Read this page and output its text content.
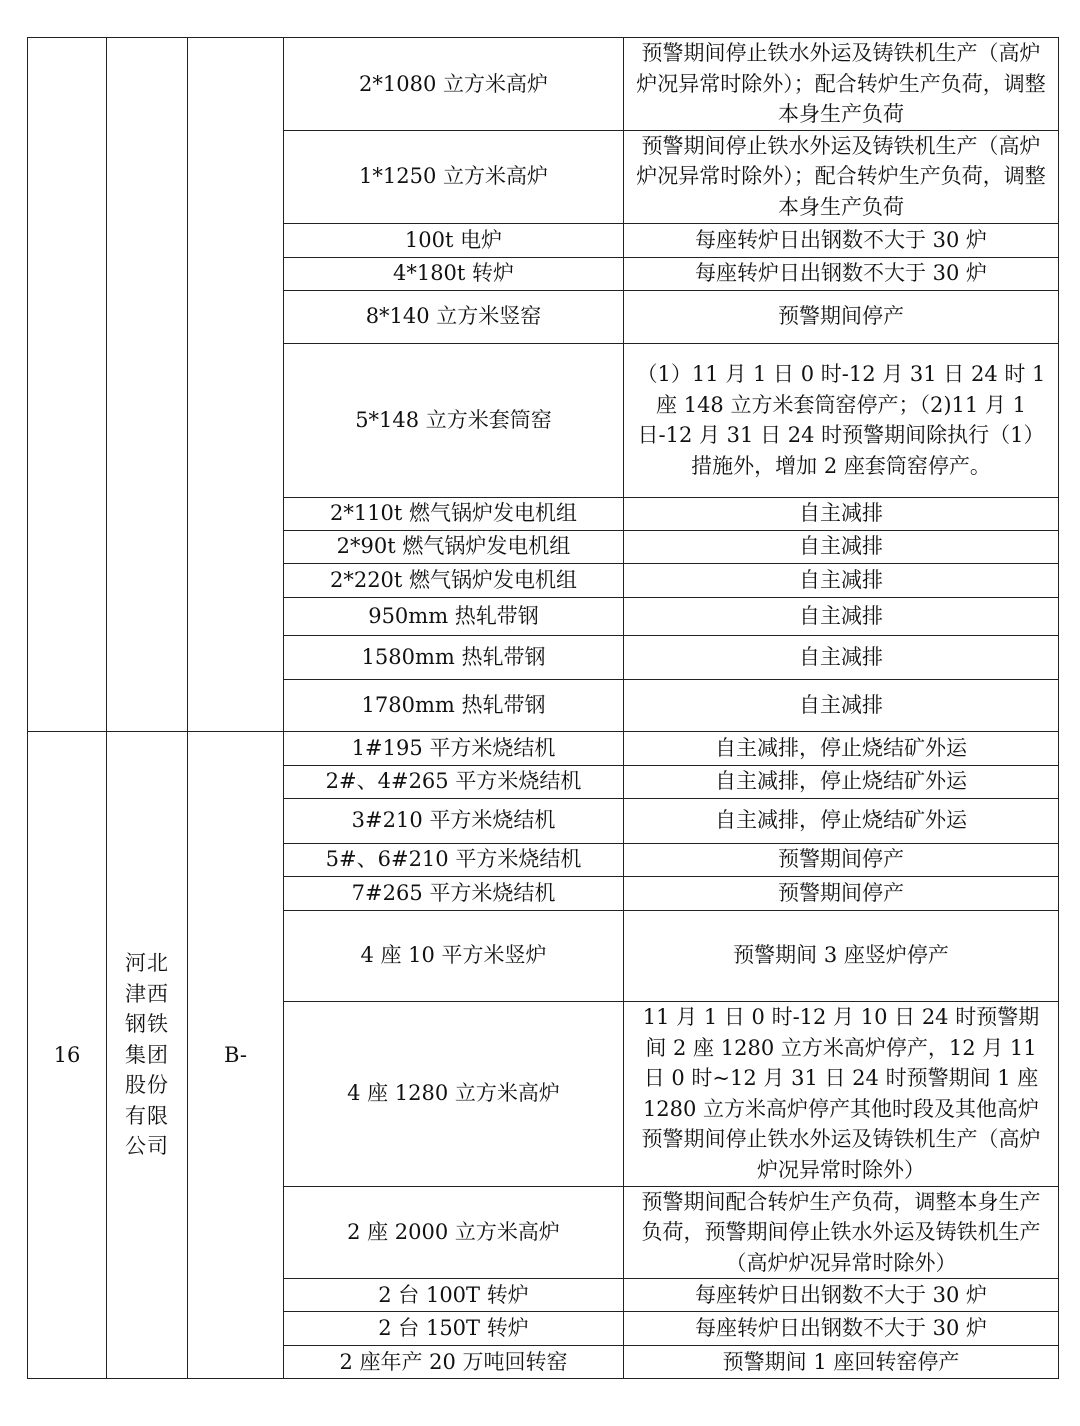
			2*1080 立方米高炉	预警期间停止铁水外运及铸铁机生产（高炉炉况异常时除外）；配合转炉生产负荷，调整本身生产负荷
			1*1250 立方米高炉	预警期间停止铁水外运及铸铁机生产（高炉炉况异常时除外）；配合转炉生产负荷，调整本身生产负荷
			100t 电炉	每座转炉日出钢数不大于 30 炉
			4*180t 转炉	每座转炉日出钢数不大于 30 炉
			8*140 立方米竖窑	预警期间停产
			5*148 立方米套筒窑	（1）11 月 1 日 0 时-12 月 31 日 24 时 1 座 148 立方米套筒窑停产；（2)11 月 1 日-12 月 31 日 24 时预警期间除执行（1）措施外，增加 2 座套筒窑停产。
			2*110t 燃气锅炉发电机组	自主减排
			2*90t 燃气锅炉发电机组	自主减排
			2*220t 燃气锅炉发电机组	自主减排
			950mm 热轧带钢	自主减排
			1580mm 热轧带钢	自主减排
			1780mm 热轧带钢	自主减排
16	河北津西钢铁集团股份有限公司	B-	1#195 平方米烧结机	自主减排，停止烧结矿外运
			2#、4#265 平方米烧结机	自主减排，停止烧结矿外运
			3#210 平方米烧结机	自主减排，停止烧结矿外运
			5#、6#210 平方米烧结机	预警期间停产
			7#265 平方米烧结机	预警期间停产
			4 座 10 平方米竖炉	预警期间 3 座竖炉停产
			4 座 1280 立方米高炉	11 月 1 日 0 时-12 月 10 日 24 时预警期间 2 座 1280 立方米高炉停产，12 月 11 日 0 时~12 月 31 日 24 时预警期间 1 座 1280 立方米高炉停产其他时段及其他高炉预警期间停止铁水外运及铸铁机生产（高炉炉况异常时除外）
			2 座 2000 立方米高炉	预警期间配合转炉生产负荷，调整本身生产负荷，预警期间停止铁水外运及铸铁机生产（高炉炉况异常时除外）
			2 台 100T 转炉	每座转炉日出钢数不大于 30 炉
			2 台 150T 转炉	每座转炉日出钢数不大于 30 炉
			2 座年产 20 万吨回转窑	预警期间 1 座回转窑停产
